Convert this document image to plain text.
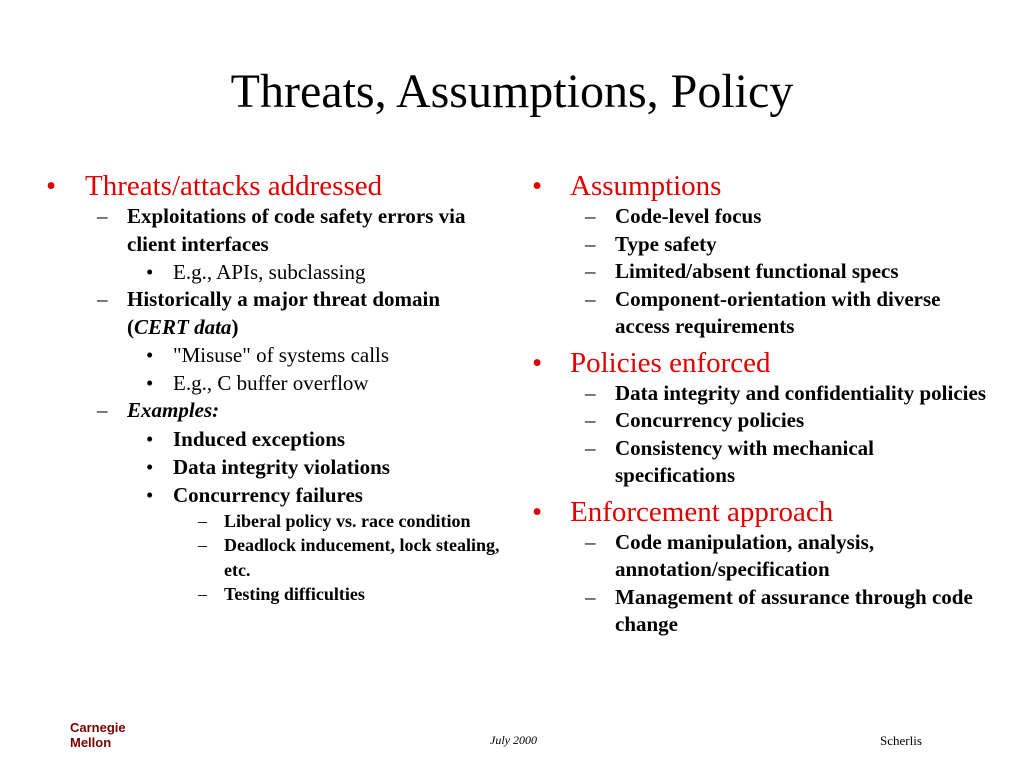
Threats, Assumptions, Policy
• Threats/attacks addressed
– Exploitations of code safety errors via client interfaces
• E.g., APIs, subclassing
– Historically a major threat domain (CERT data)
• "Misuse" of systems calls
• E.g., C buffer overflow
– Examples:
• Induced exceptions
• Data integrity violations
• Concurrency failures
– Liberal policy vs. race condition
– Deadlock inducement, lock stealing, etc.
– Testing difficulties
• Assumptions
– Code-level focus
– Type safety
– Limited/absent functional specs
– Component-orientation with diverse access requirements
• Policies enforced
– Data integrity and confidentiality policies
– Concurrency policies
– Consistency with mechanical specifications
• Enforcement approach
– Code manipulation, analysis, annotation/specification
– Management of assurance through code change
Carnegie
Mellon	July 2000	Scherlis
